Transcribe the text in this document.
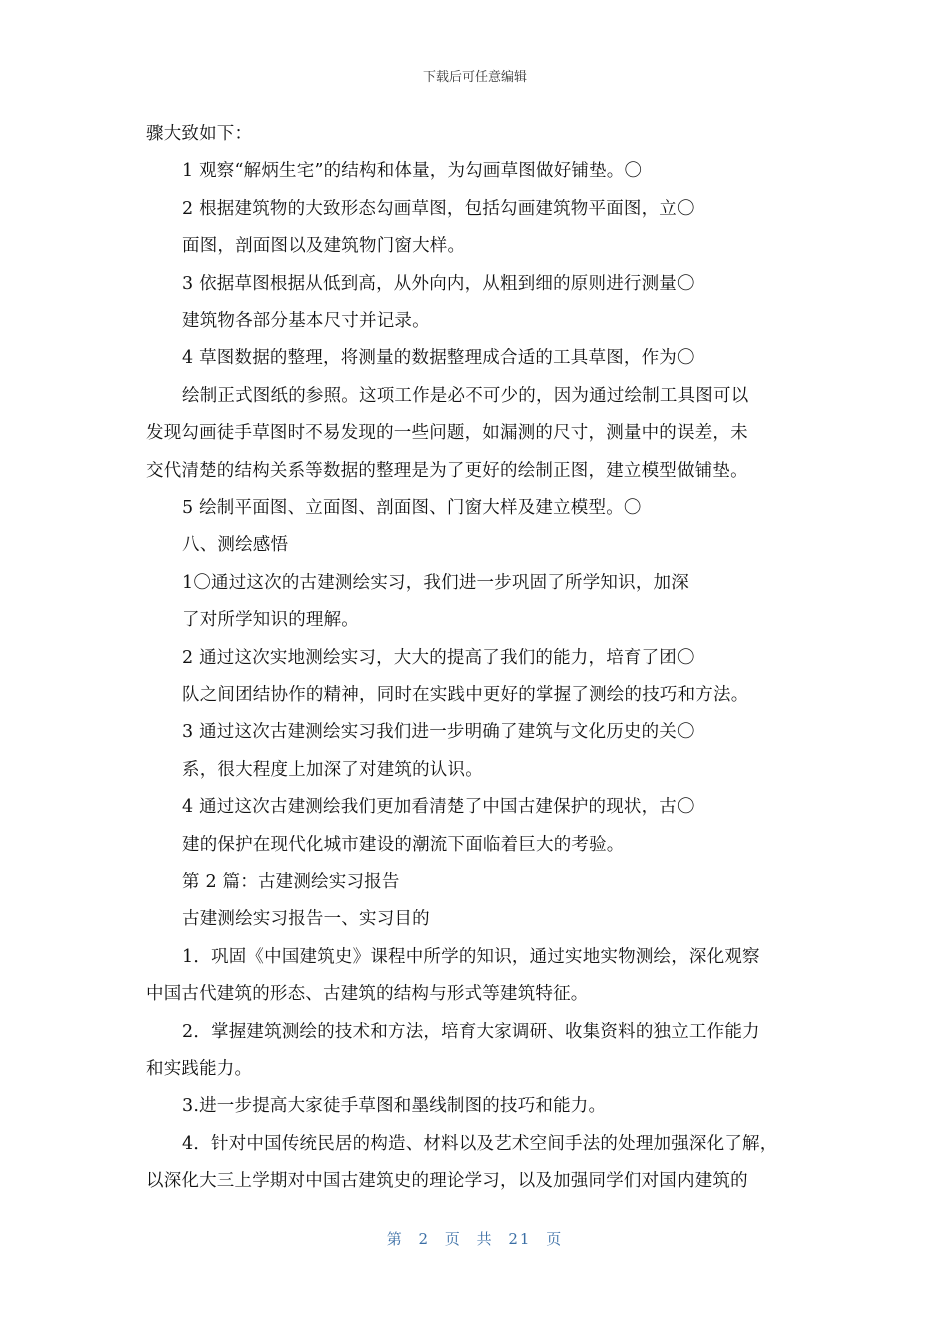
下载后可任意编辑
骤大致如下：
1 观察“解炳生宅”的结构和体量，为勾画草图做好铺垫。〇
2 根据建筑物的大致形态勾画草图，包括勾画建筑物平面图，立〇
面图，剖面图以及建筑物门窗大样。
3 依据草图根据从低到高，从外向内，从粗到细的原则进行测量〇
建筑物各部分基本尺寸并记录。
4 草图数据的整理，将测量的数据整理成合适的工具草图，作为〇
绘制正式图纸的参照。这项工作是必不可少的，因为通过绘制工具图可以
发现勾画徒手草图时不易发现的一些问题，如漏测的尺寸，测量中的误差，未
交代清楚的结构关系等数据的整理是为了更好的绘制正图，建立模型做铺垫。
5 绘制平面图、立面图、剖面图、门窗大样及建立模型。〇
八、测绘感悟
1〇通过这次的古建测绘实习，我们进一步巩固了所学知识，加深
了对所学知识的理解。
2 通过这次实地测绘实习，大大的提高了我们的能力，培育了团〇
队之间团结协作的精神，同时在实践中更好的掌握了测绘的技巧和方法。
3 通过这次古建测绘实习我们进一步明确了建筑与文化历史的关〇
系，很大程度上加深了对建筑的认识。
4 通过这次古建测绘我们更加看清楚了中国古建保护的现状，古〇
建的保护在现代化城市建设的潮流下面临着巨大的考验。
第 2 篇：古建测绘实习报告
古建测绘实习报告一、实习目的
1．巩固《中国建筑史》课程中所学的知识，通过实地实物测绘，深化观察
中国古代建筑的形态、古建筑的结构与形式等建筑特征。
2．掌握建筑测绘的技术和方法，培育大家调研、收集资料的独立工作能力
和实践能力。
3.进一步提高大家徒手草图和墨线制图的技巧和能力。
4．针对中国传统民居的构造、材料以及艺术空间手法的处理加强深化了解，
以深化大三上学期对中国古建筑史的理论学习，以及加强同学们对国内建筑的
第 2 页 共 21 页
